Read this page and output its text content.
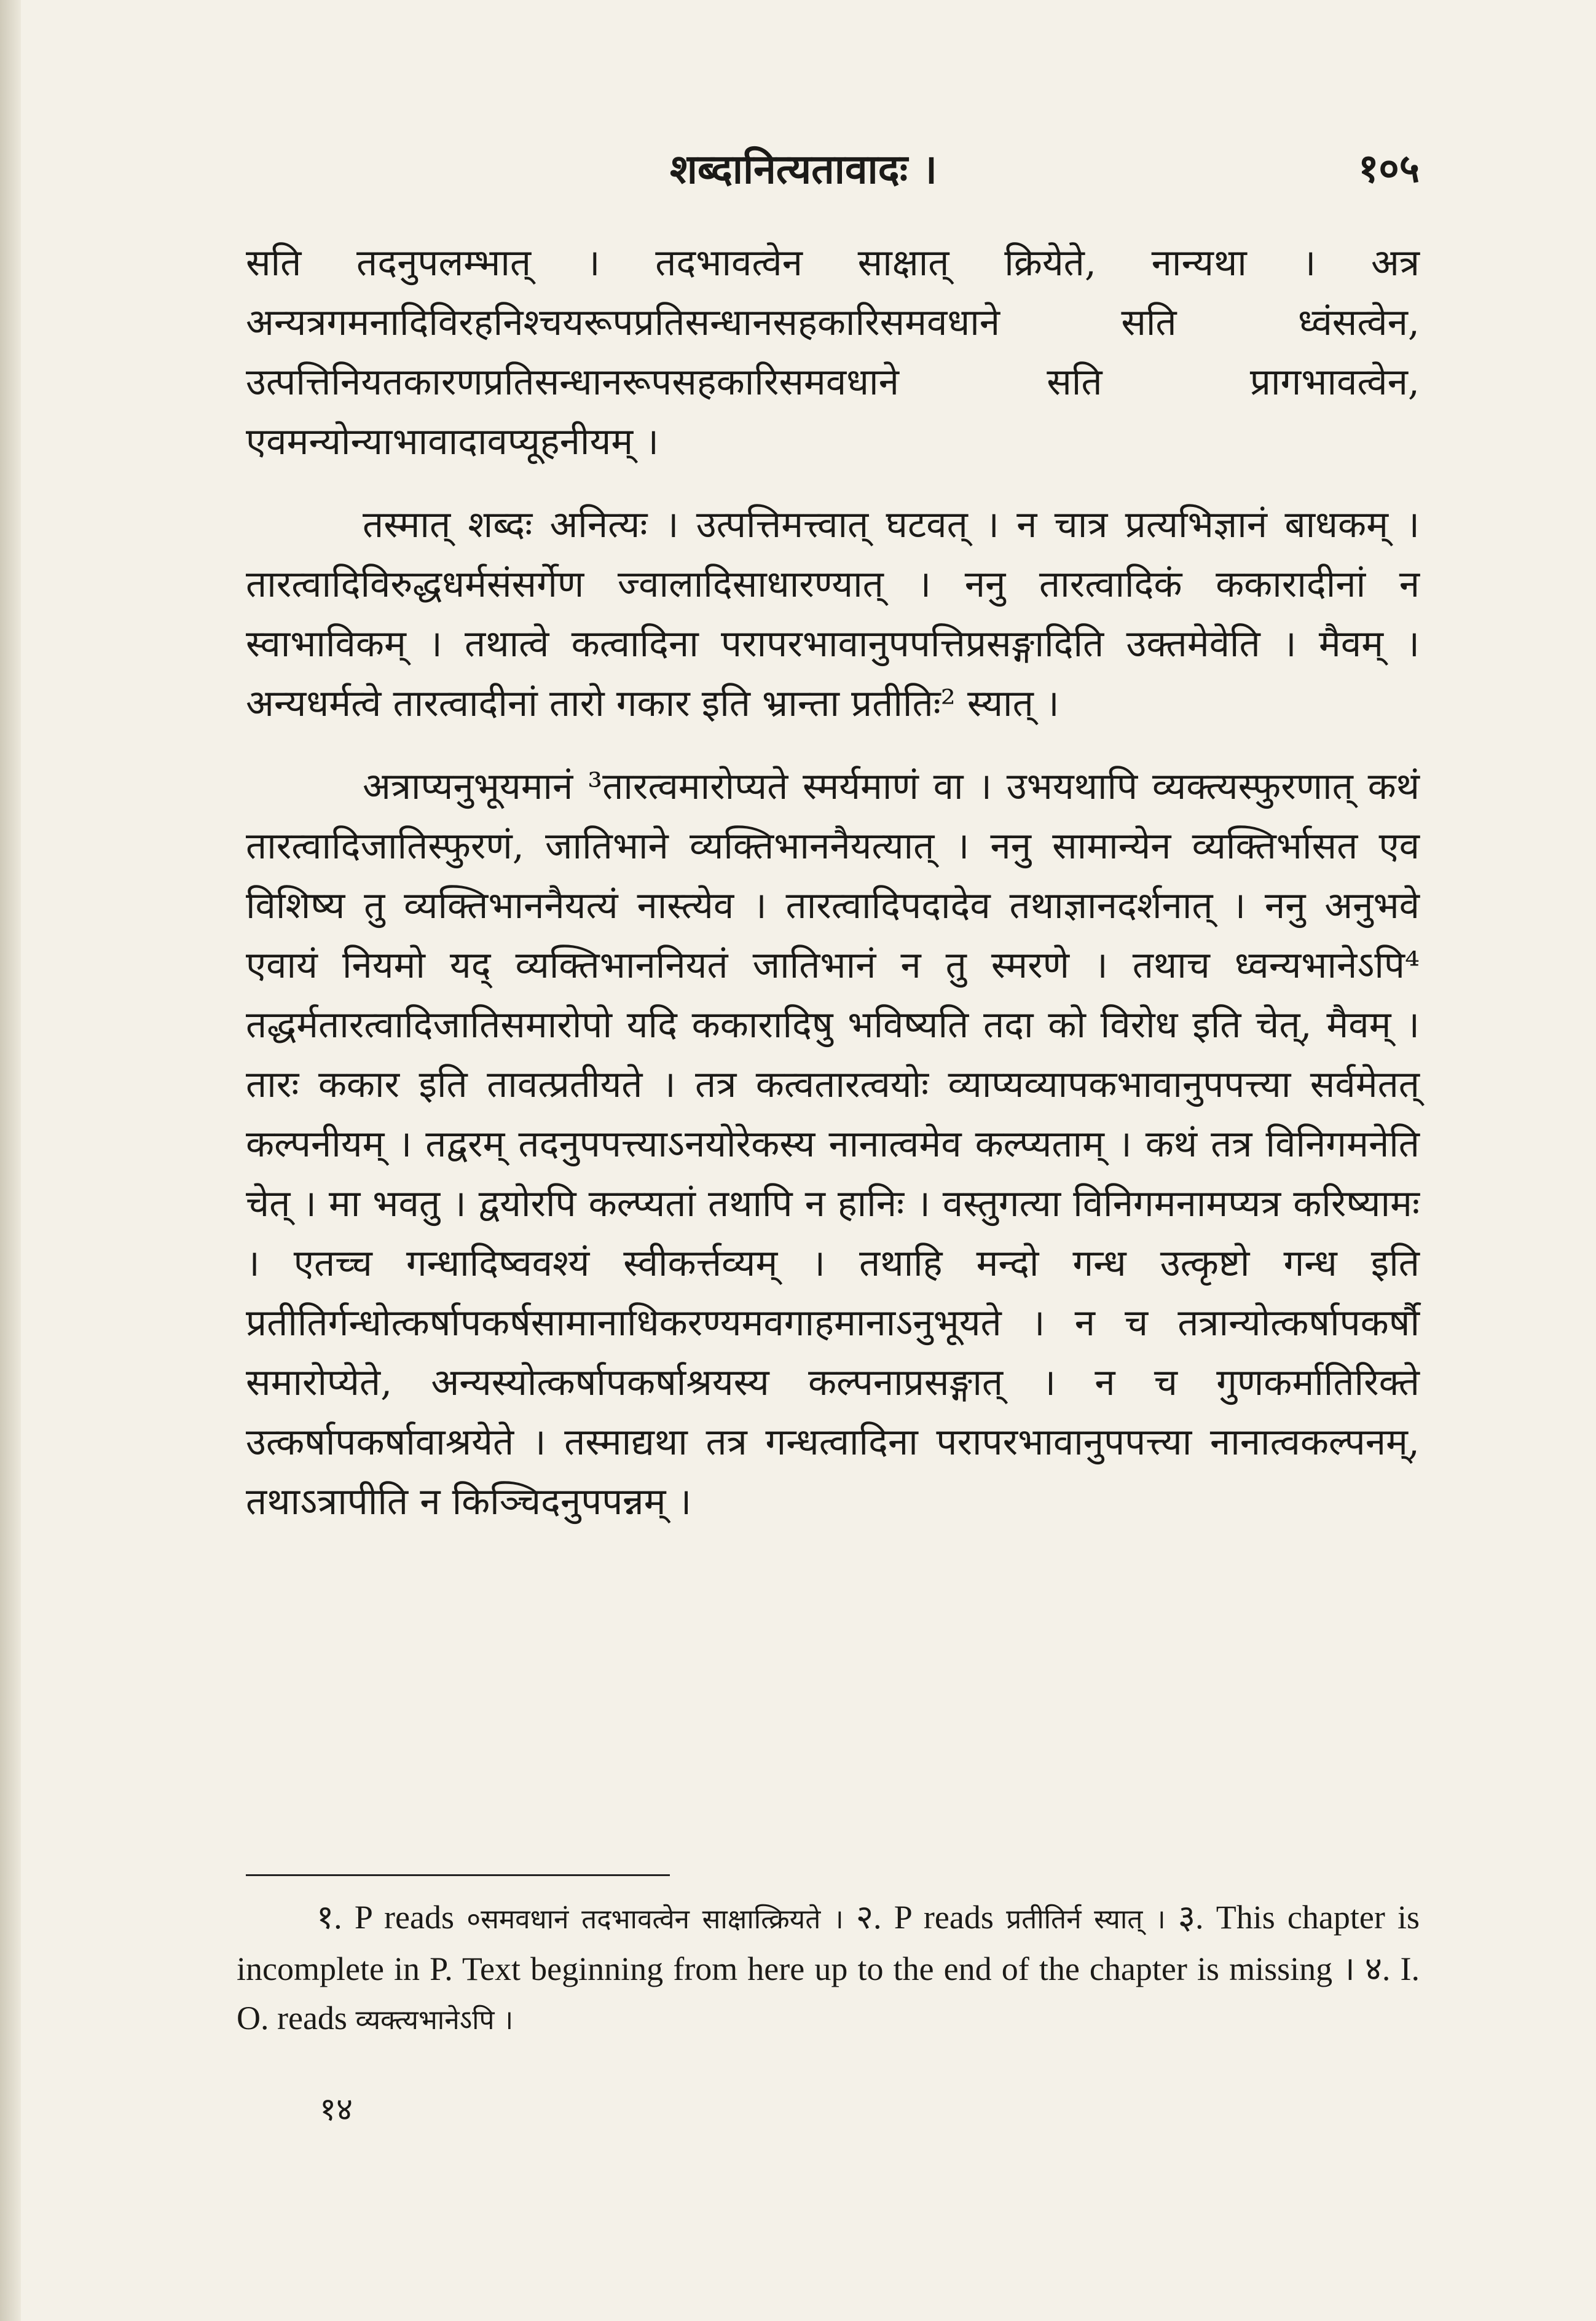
शब्दानित्यतावादः ।	१०५

सति तदनुपलम्भात् । तदभावत्वेन साक्षात् क्रियेते, नान्यथा । अत्र अन्यत्रगमनादिविरहनिश्चयरूपप्रतिसन्धानसहकारिसमवधाने सति ध्वंसत्वेन, उत्पत्तिनियतकारणप्रतिसन्धानरूपसहकारिसमवधाने सति प्रागभावत्वेन, एवमन्योन्याभावादावप्यूहनीयम् ।

तस्मात् शब्दः अनित्यः । उत्पत्तिमत्त्वात् घटवत् । न चात्र प्रत्यभिज्ञानं बाधकम् । तारत्वादिविरुद्धधर्मसंसर्गेण ज्वालादिसाधारण्यात् । ननु तारत्वादिकं ककारादीनां न स्वाभाविकम् । तथात्वे कत्वादिना परापरभावानुपपत्तिप्रसङ्गादिति उक्तमेवेति । मैवम् । अन्यधर्मत्वे तारत्वादीनां तारो गकार इति भ्रान्ता प्रतीतिः² स्यात् ।

अत्राप्यनुभूयमानं ³तारत्वमारोप्यते स्मर्यमाणं वा । उभयथापि व्यक्त्यस्फुरणात् कथं तारत्वादिजातिस्फुरणं, जातिभाने व्यक्तिभाननैयत्यात् । ननु सामान्येन व्यक्तिर्भासत एव विशिष्य तु व्यक्तिभाननैयत्यं नास्त्येव । तारत्वादिपदादेव तथाज्ञानदर्शनात् । ननु अनुभवे एवायं नियमो यद् व्यक्तिभाननियतं जातिभानं न तु स्मरणे । तथाच ध्वन्यभानेऽपि⁴ तद्धर्मतारत्वादिजातिसमारोपो यदि ककारादिषु भविष्यति तदा को विरोध इति चेत्, मैवम् । तारः ककार इति तावत्प्रतीयते । तत्र कत्वतारत्वयोः व्याप्यव्यापकभावानुपपत्त्या सर्वमेतत् कल्पनीयम् । तद्वरम् तदनुपपत्त्याऽनयोरेकस्य नानात्वमेव कल्प्यताम् । कथं तत्र विनिगमनेति चेत् । मा भवतु । द्वयोरपि कल्प्यतां तथापि न हानिः । वस्तुगत्या विनिगमनामप्यत्र करिष्यामः । एतच्च गन्धादिष्ववश्यं स्वीकर्त्तव्यम् । तथाहि मन्दो गन्ध उत्कृष्टो गन्ध इति प्रतीतिर्गन्धोत्कर्षापकर्षसामानाधिकरण्यमवगाहमानाऽनुभूयते । न च तत्रान्योत्कर्षापकर्षौ समारोप्येते, अन्यस्योत्कर्षापकर्षाश्रयस्य कल्पनाप्रसङ्गात् । न च गुणकर्मातिरिक्ते उत्कर्षापकर्षावाश्रयेते । तस्माद्यथा तत्र गन्धत्वादिना परापरभावानुपपत्त्या नानात्वकल्पनम्, तथाऽत्रापीति न किञ्चिदनुपपन्नम् ।

१. P reads ०समवधानं तदभावत्वेन साक्षात्क्रियते । २. P reads प्रतीतिर्न स्यात् । ३. This chapter is incomplete in P. Text beginning from here up to the end of the chapter is missing । ४. I. O. reads व्यक्त्यभानेऽपि ।

१४
